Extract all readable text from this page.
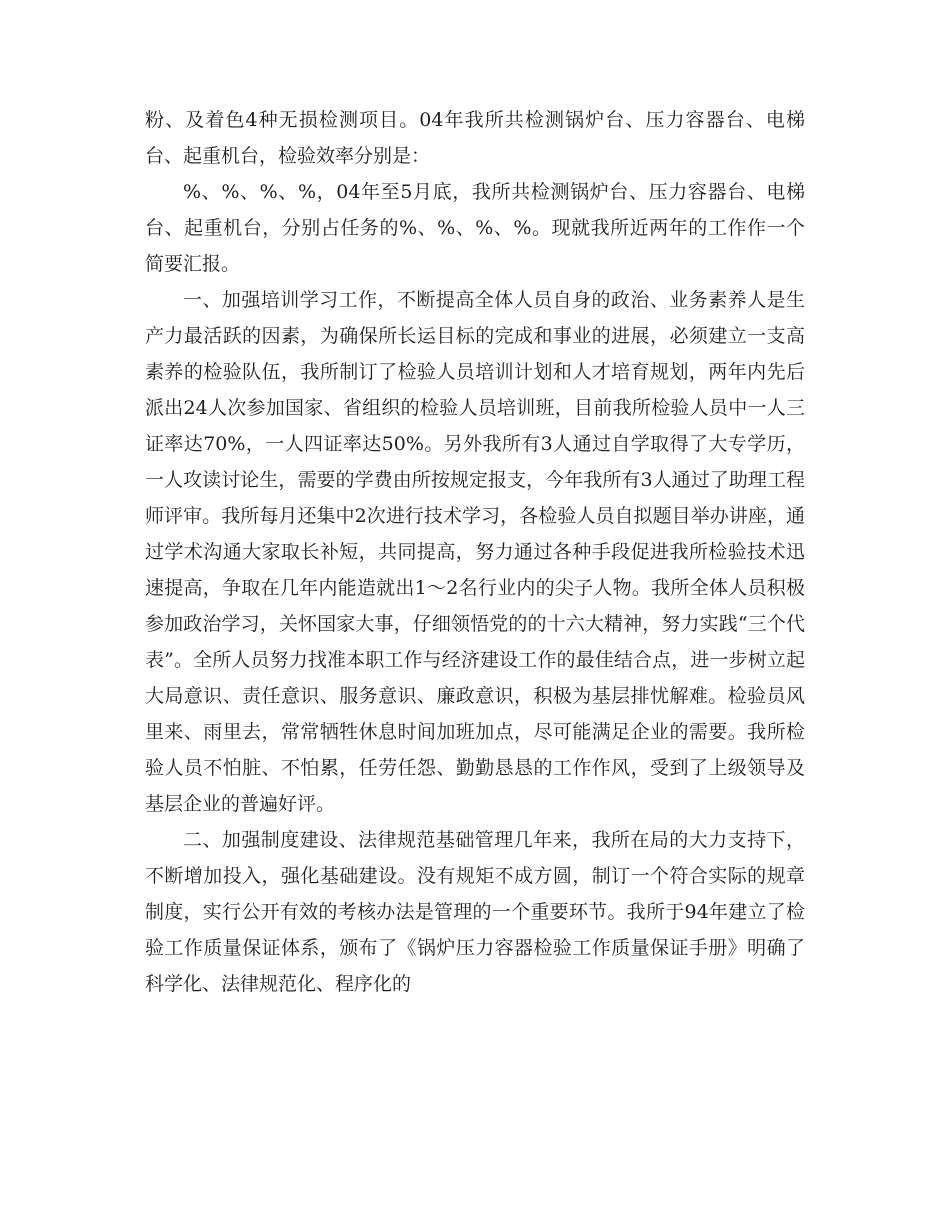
粉、及着色4种无损检测项目。04年我所共检测锅炉台、压力容器台、电梯台、起重机台，检验效率分别是：

%、%、%、%，04年至5月底，我所共检测锅炉台、压力容器台、电梯台、起重机台，分别占任务的%、%、%、%。现就我所近两年的工作作一个简要汇报。

一、加强培训学习工作，不断提高全体人员自身的政治、业务素养人是生产力最活跃的因素，为确保所长运目标的完成和事业的进展，必须建立一支高素养的检验队伍，我所制订了检验人员培训计划和人才培育规划，两年内先后派出24人次参加国家、省组织的检验人员培训班，目前我所检验人员中一人三证率达70%，一人四证率达50%。另外我所有3人通过自学取得了大专学历，一人攻读讨论生，需要的学费由所按规定报支，今年我所有3人通过了助理工程师评审。我所每月还集中2次进行技术学习，各检验人员自拟题目举办讲座，通过学术沟通大家取长补短，共同提高，努力通过各种手段促进我所检验技术迅速提高，争取在几年内能造就出1～2名行业内的尖子人物。我所全体人员积极参加政治学习，关怀国家大事，仔细领悟党的的十六大精神，努力实践“三个代表”。全所人员努力找准本职工作与经济建设工作的最佳结合点，进一步树立起大局意识、责任意识、服务意识、廉政意识，积极为基层排忧解难。检验员风里来、雨里去，常常牺牲休息时间加班加点，尽可能满足企业的需要。我所检验人员不怕脏、不怕累，任劳任怨、勤勤恳恳的工作作风，受到了上级领导及基层企业的普遍好评。

二、加强制度建设、法律规范基础管理几年来，我所在局的大力支持下，不断增加投入，强化基础建设。没有规矩不成方圆，制订一个符合实际的规章制度，实行公开有效的考核办法是管理的一个重要环节。我所于94年建立了检验工作质量保证体系，颁布了《锅炉压力容器检验工作质量保证手册》明确了科学化、法律规范化、程序化的
